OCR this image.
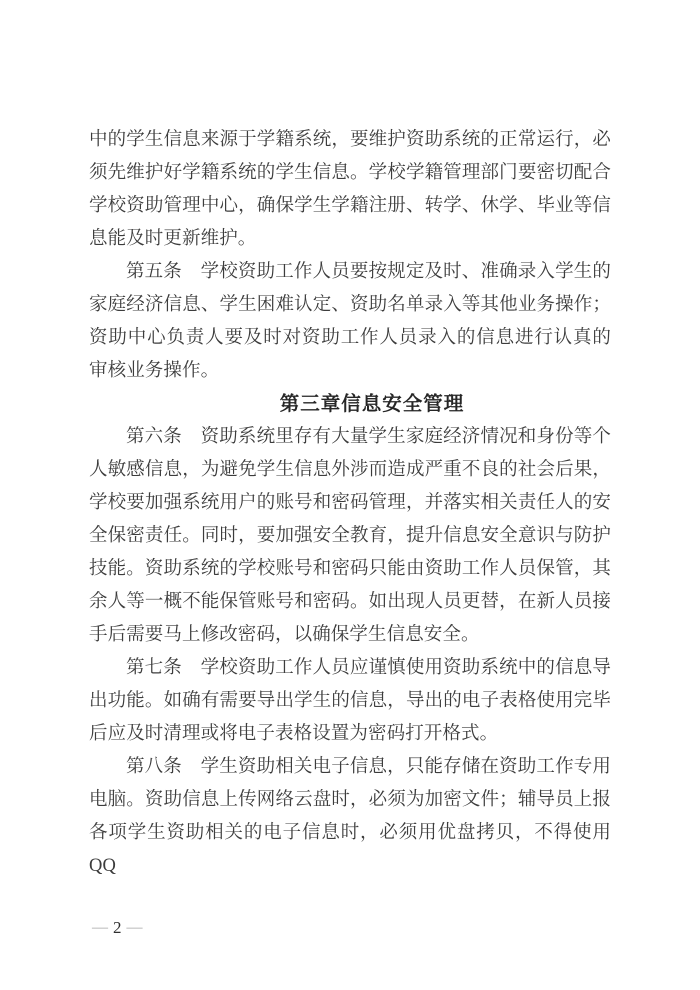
中的学生信息来源于学籍系统，要维护资助系统的正常运行，必
须先维护好学籍系统的学生信息。学校学籍管理部门要密切配合
学校资助管理中心，确保学生学籍注册、转学、休学、毕业等信
息能及时更新维护。
第五条　学校资助工作人员要按规定及时、准确录入学生的
家庭经济信息、学生困难认定、资助名单录入等其他业务操作；
资助中心负责人要及时对资助工作人员录入的信息进行认真的
审核业务操作。
第三章信息安全管理
第六条　资助系统里存有大量学生家庭经济情况和身份等个
人敏感信息，为避免学生信息外涉而造成严重不良的社会后果，
学校要加强系统用户的账号和密码管理，并落实相关责任人的安
全保密责任。同时，要加强安全教育，提升信息安全意识与防护
技能。资助系统的学校账号和密码只能由资助工作人员保管，其
余人等一概不能保管账号和密码。如出现人员更替，在新人员接
手后需要马上修改密码，以确保学生信息安全。
第七条　学校资助工作人员应谨慎使用资助系统中的信息导
出功能。如确有需要导出学生的信息，导出的电子表格使用完毕
后应及时清理或将电子表格设置为密码打开格式。
第八条　学生资助相关电子信息，只能存储在资助工作专用
电脑。资助信息上传网络云盘时，必须为加密文件；辅导员上报
各项学生资助相关的电子信息时，必须用优盘拷贝，不得使用QQ
— 2 —
